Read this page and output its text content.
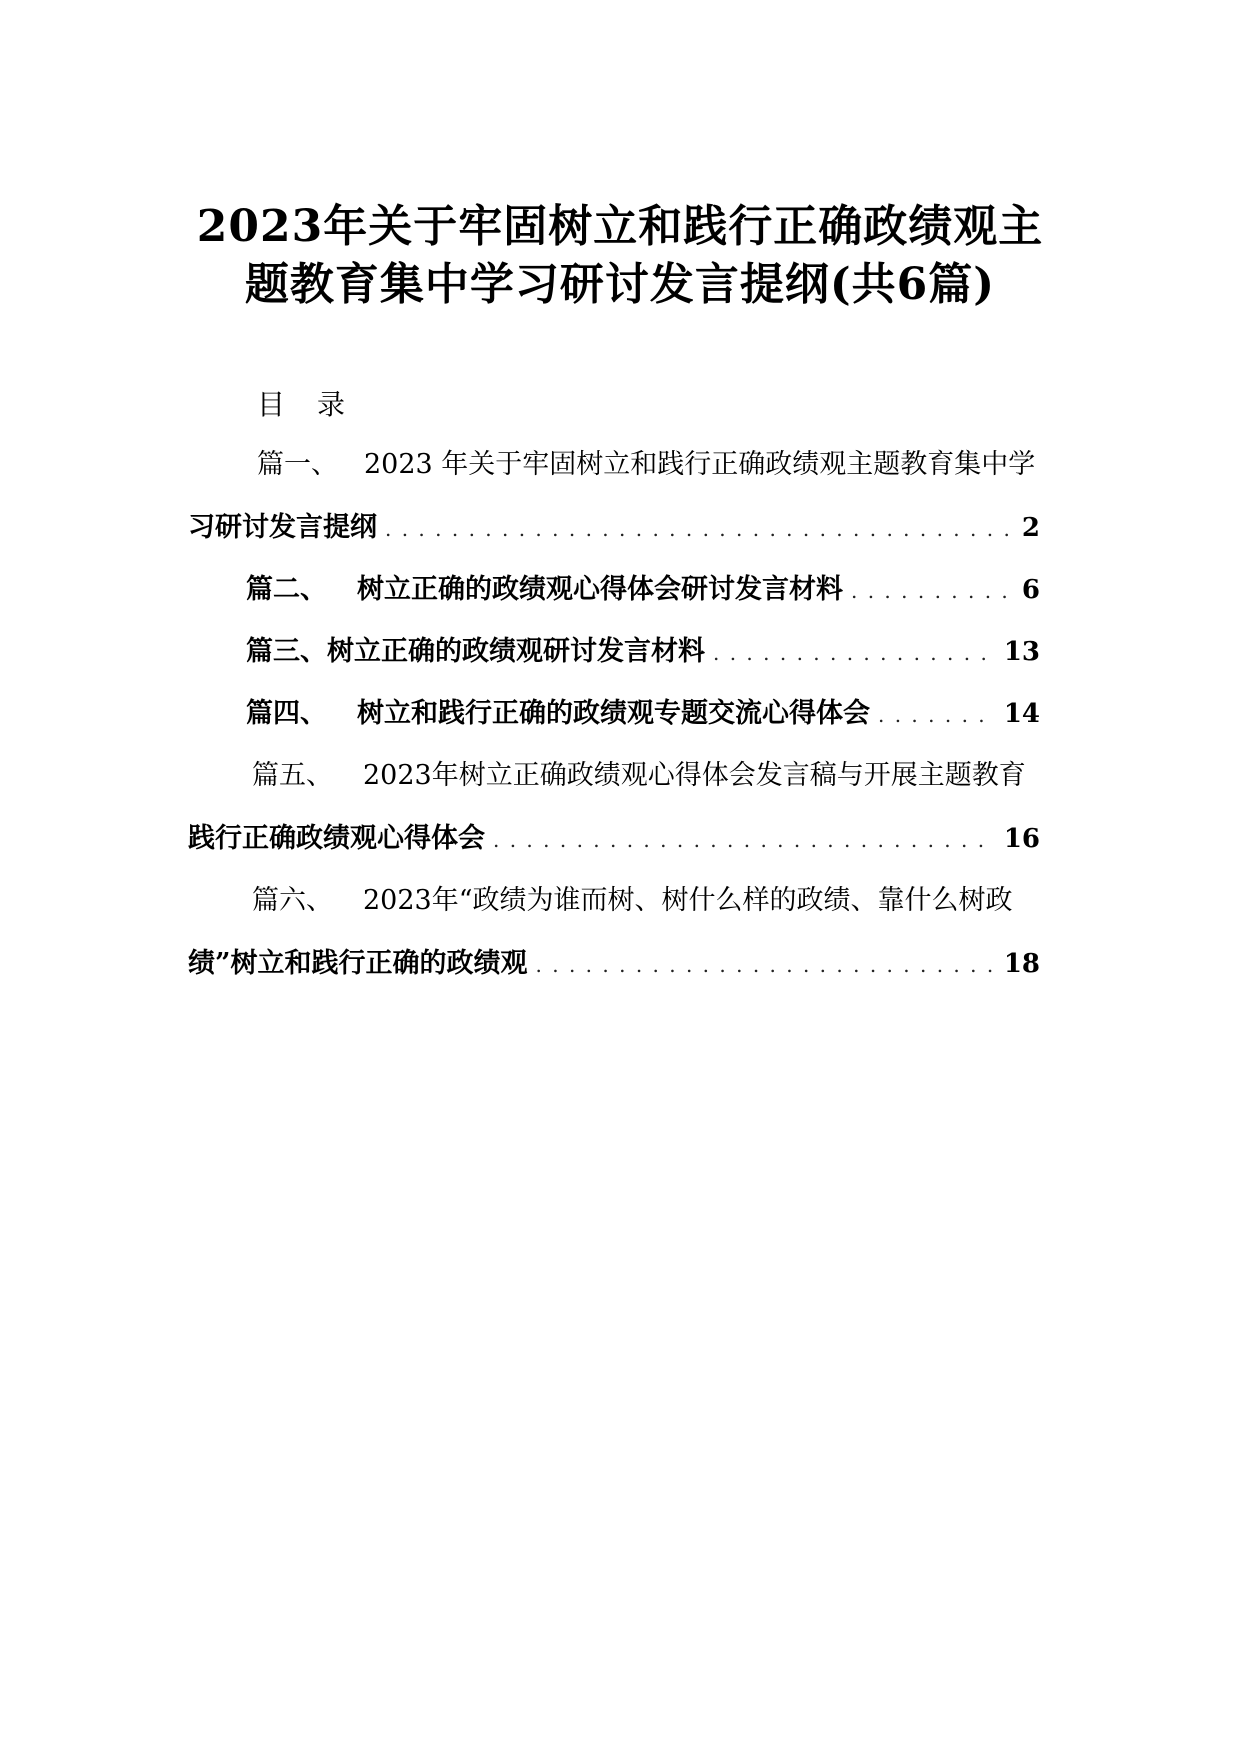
2023年关于牢固树立和践行正确政绩观主
题教育集中学习研讨发言提纲(共6篇)
目录
篇一、 2023 年关于牢固树立和践行正确政绩观主题教育集中学
习研讨发言提纲 . . .	2
篇二、 树立正确的政绩观心得体会研讨发言材料 . . .	6
篇三、 树立正确的政绩观研讨发言材料 . . .	13
篇四、 树立和践行正确的政绩观专题交流心得体会 . . .	14
篇五、 2023年树立正确政绩观心得体会发言稿与开展主题教育
践行正确政绩观心得体会 . . .	16
篇六、 2023年“政绩为谁而树、树什么样的政绩、靠什么树政
绩”树立和践行正确的政绩观 . . .	18
